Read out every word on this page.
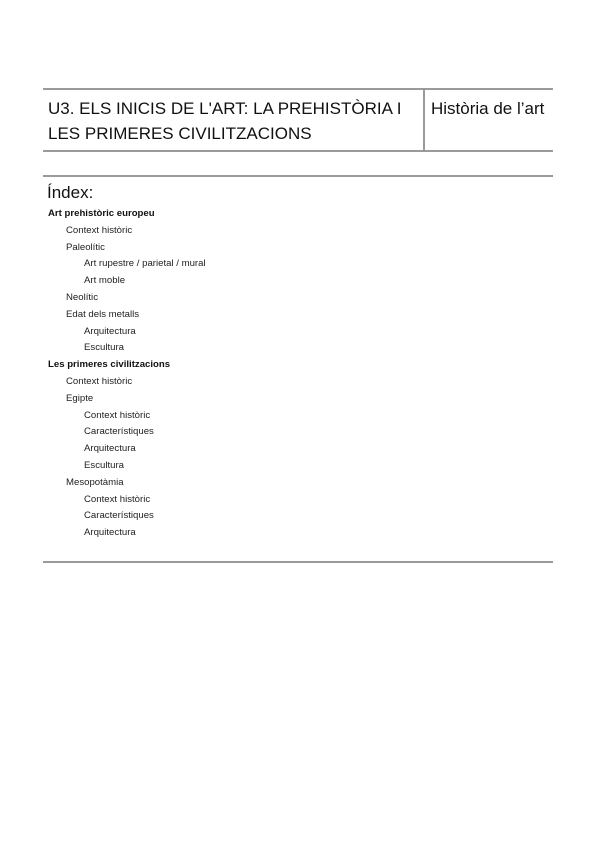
U3. ELS INICIS DE L'ART: LA PREHISTÒRIA I LES PRIMERES CIVILITZACIONS
Història de l’art
Índex:
Art prehistòric europeu
Context històric
Paleolític
Art rupestre / parietal / mural
Art moble
Neolític
Edat dels metalls
Arquitectura
Escultura
Les primeres civilitzacions
Context històric
Egipte
Context històric
Característiques
Arquitectura
Escultura
Mesopotàmia
Context històric
Característiques
Arquitectura
